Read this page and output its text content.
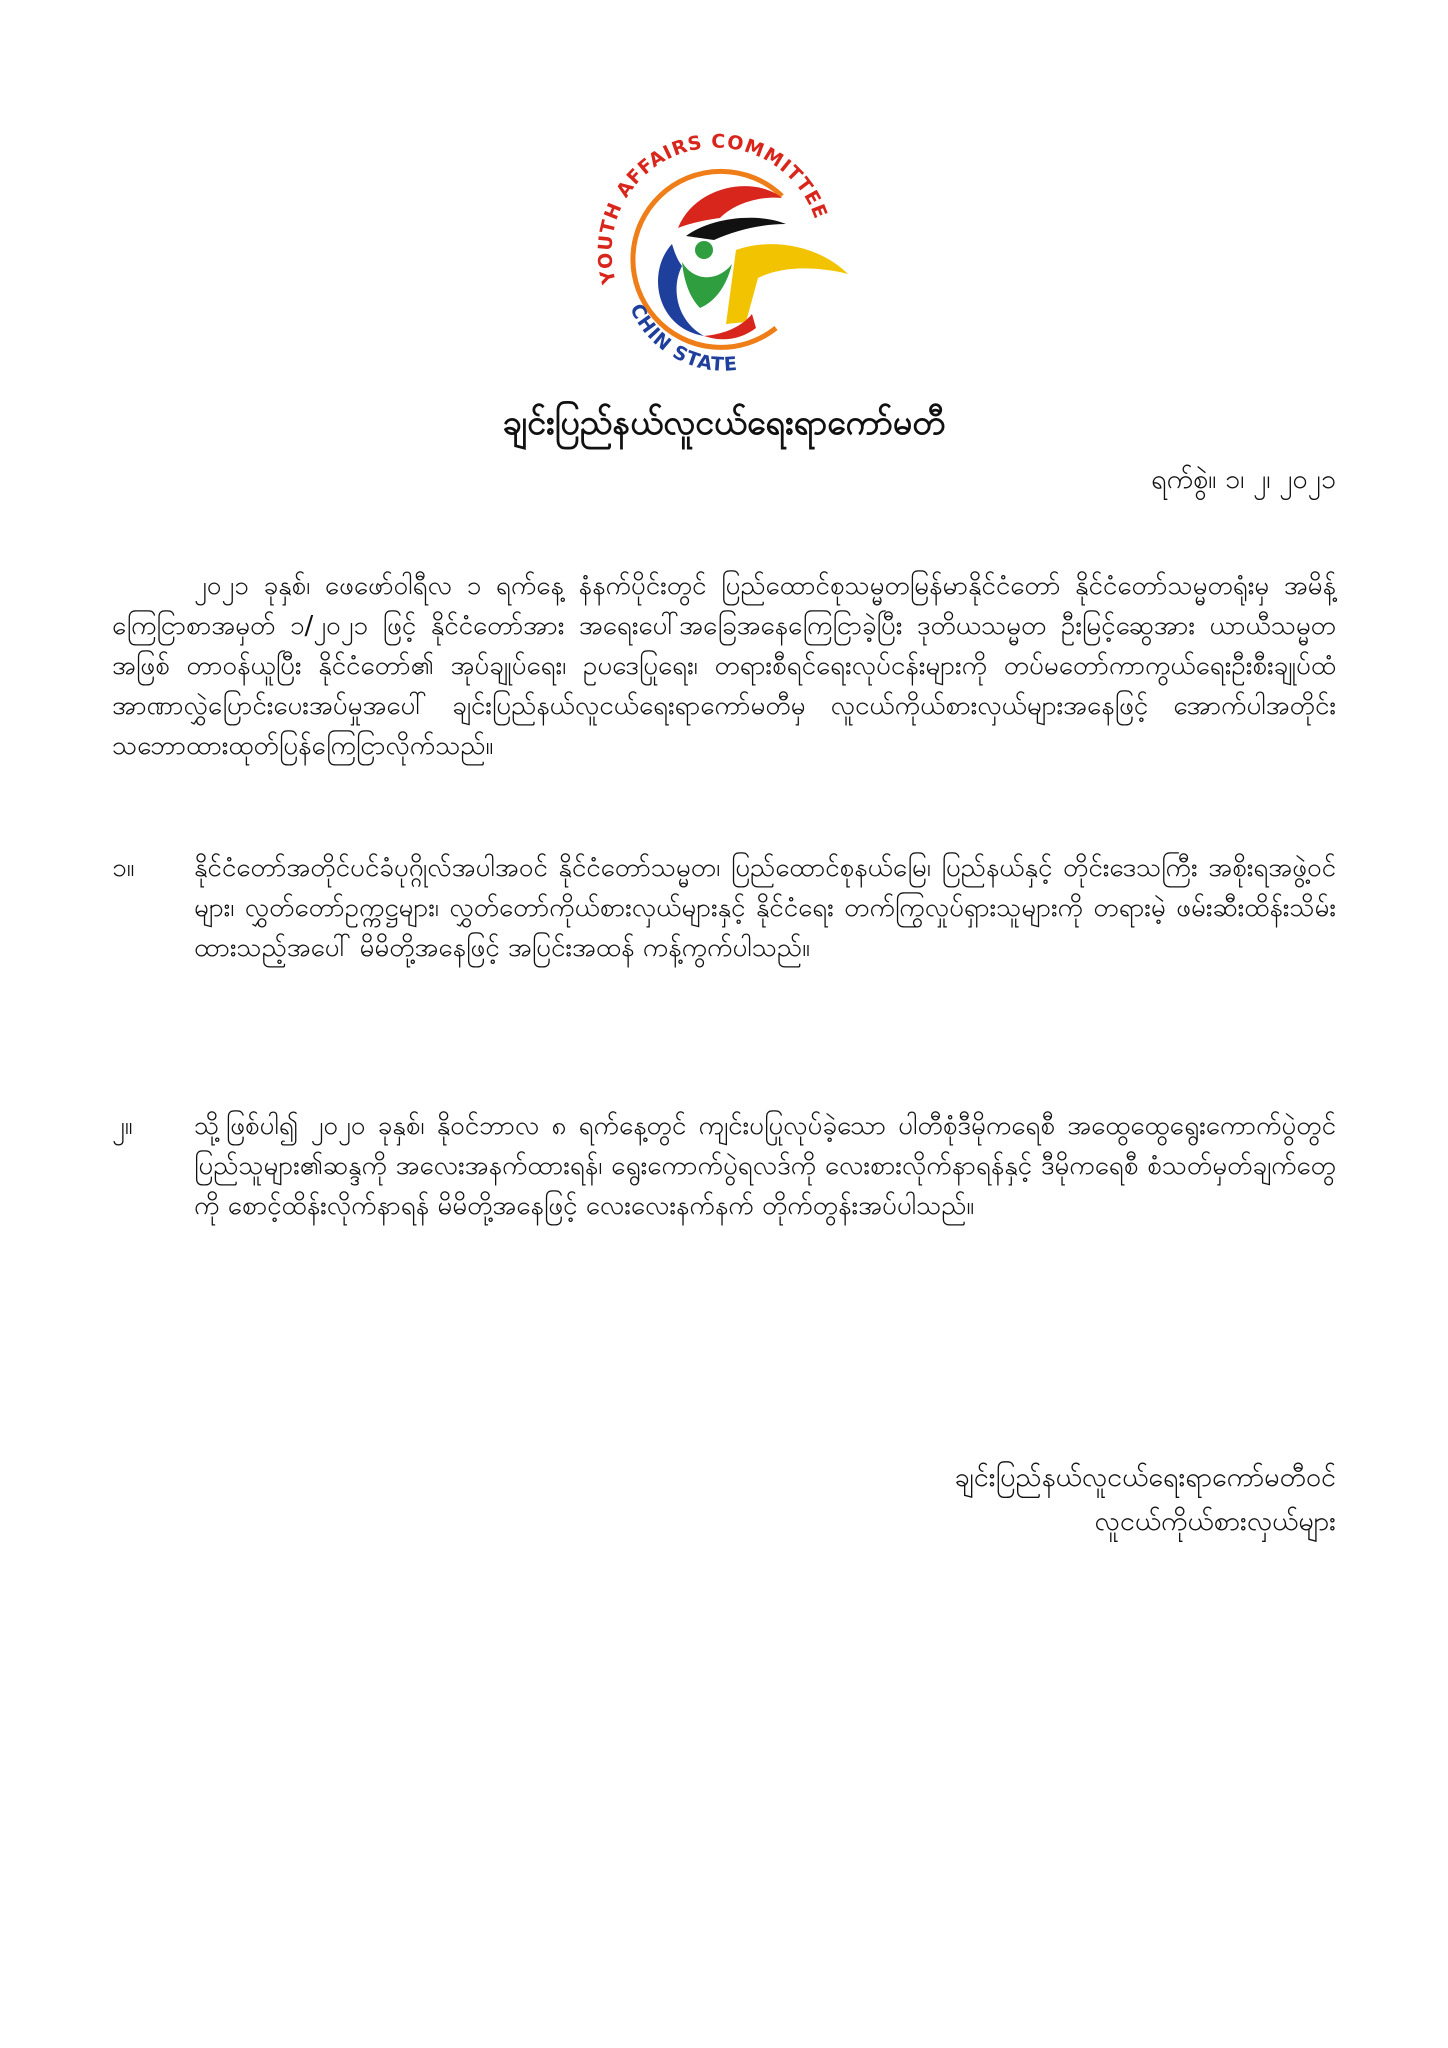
YOUTH AFFAIRS COMMITTEE
CHIN STATE
ချင်းပြည်နယ်လူငယ်ရေးရာကော်မတီ
ရက်စွဲ။ ၁၊ ၂၊ ၂၀၂၁
၂၀၂၁ ခုနှစ်၊ ဖေဖော်ဝါရီလ ၁ ရက်နေ့ နံနက်ပိုင်းတွင် ပြည်ထောင်စုသမ္မတမြန်မာနိုင်ငံတော် နိုင်ငံတော်သမ္မတရုံးမှ အမိန့်ကြေငြာစာအမှတ် ၁/၂၀၂၁ ဖြင့် နိုင်ငံတော်အား အရေးပေါ်အခြေအနေကြေငြာခဲ့ပြီး ဒုတိယသမ္မတ ဦးမြင့်ဆွေအား ယာယီသမ္မတအဖြစ် တာဝန်ယူပြီး နိုင်ငံတော်၏ အုပ်ချုပ်ရေး၊ ဥပဒေပြုရေး၊ တရားစီရင်ရေးလုပ်ငန်းများကို တပ်မတော်ကာကွယ်ရေးဦးစီးချုပ်ထံ အာဏာလွှဲပြောင်းပေးအပ်မှုအပေါ် ချင်းပြည်နယ်လူငယ်ရေးရာကော်မတီမှ လူငယ်ကိုယ်စားလှယ်များအနေဖြင့် အောက်ပါအတိုင်း သဘောထားထုတ်ပြန်ကြေငြာလိုက်သည်။
၁။ နိုင်ငံတော်အတိုင်ပင်ခံပုဂ္ဂိုလ်အပါအဝင် နိုင်ငံတော်သမ္မတ၊ ပြည်ထောင်စုနယ်မြေ၊ ပြည်နယ်နှင့် တိုင်းဒေသကြီး အစိုးရအဖွဲ့ဝင်များ၊ လွှတ်တော်ဥက္ကဋ္ဌများ၊ လွှတ်တော်ကိုယ်စားလှယ်များနှင့် နိုင်ငံရေး တက်ကြွလှုပ်ရှားသူများကို တရားမဲ့ ဖမ်းဆီးထိန်းသိမ်းထားသည့်အပေါ် မိမိတို့အနေဖြင့် အပြင်းအထန် ကန့်ကွက်ပါသည်။
၂။ သို့ဖြစ်ပါ၍ ၂၀၂၀ ခုနှစ်၊ နိုဝင်ဘာလ ၈ ရက်နေ့တွင် ကျင်းပပြုလုပ်ခဲ့သော ပါတီစုံဒီမိုကရေစီ အထွေထွေရွေးကောက်ပွဲတွင် ပြည်သူများ၏ဆန္ဒကို အလေးအနက်ထားရန်၊ ရွေးကောက်ပွဲရလဒ်ကို လေးစားလိုက်နာရန်နှင့် ဒီမိုကရေစီ စံသတ်မှတ်ချက်တွေကို စောင့်ထိန်းလိုက်နာရန် မိမိတို့အနေဖြင့် လေးလေးနက်နက် တိုက်တွန်းအပ်ပါသည်။
ချင်းပြည်နယ်လူငယ်ရေးရာကော်မတီဝင်
လူငယ်ကိုယ်စားလှယ်များ
